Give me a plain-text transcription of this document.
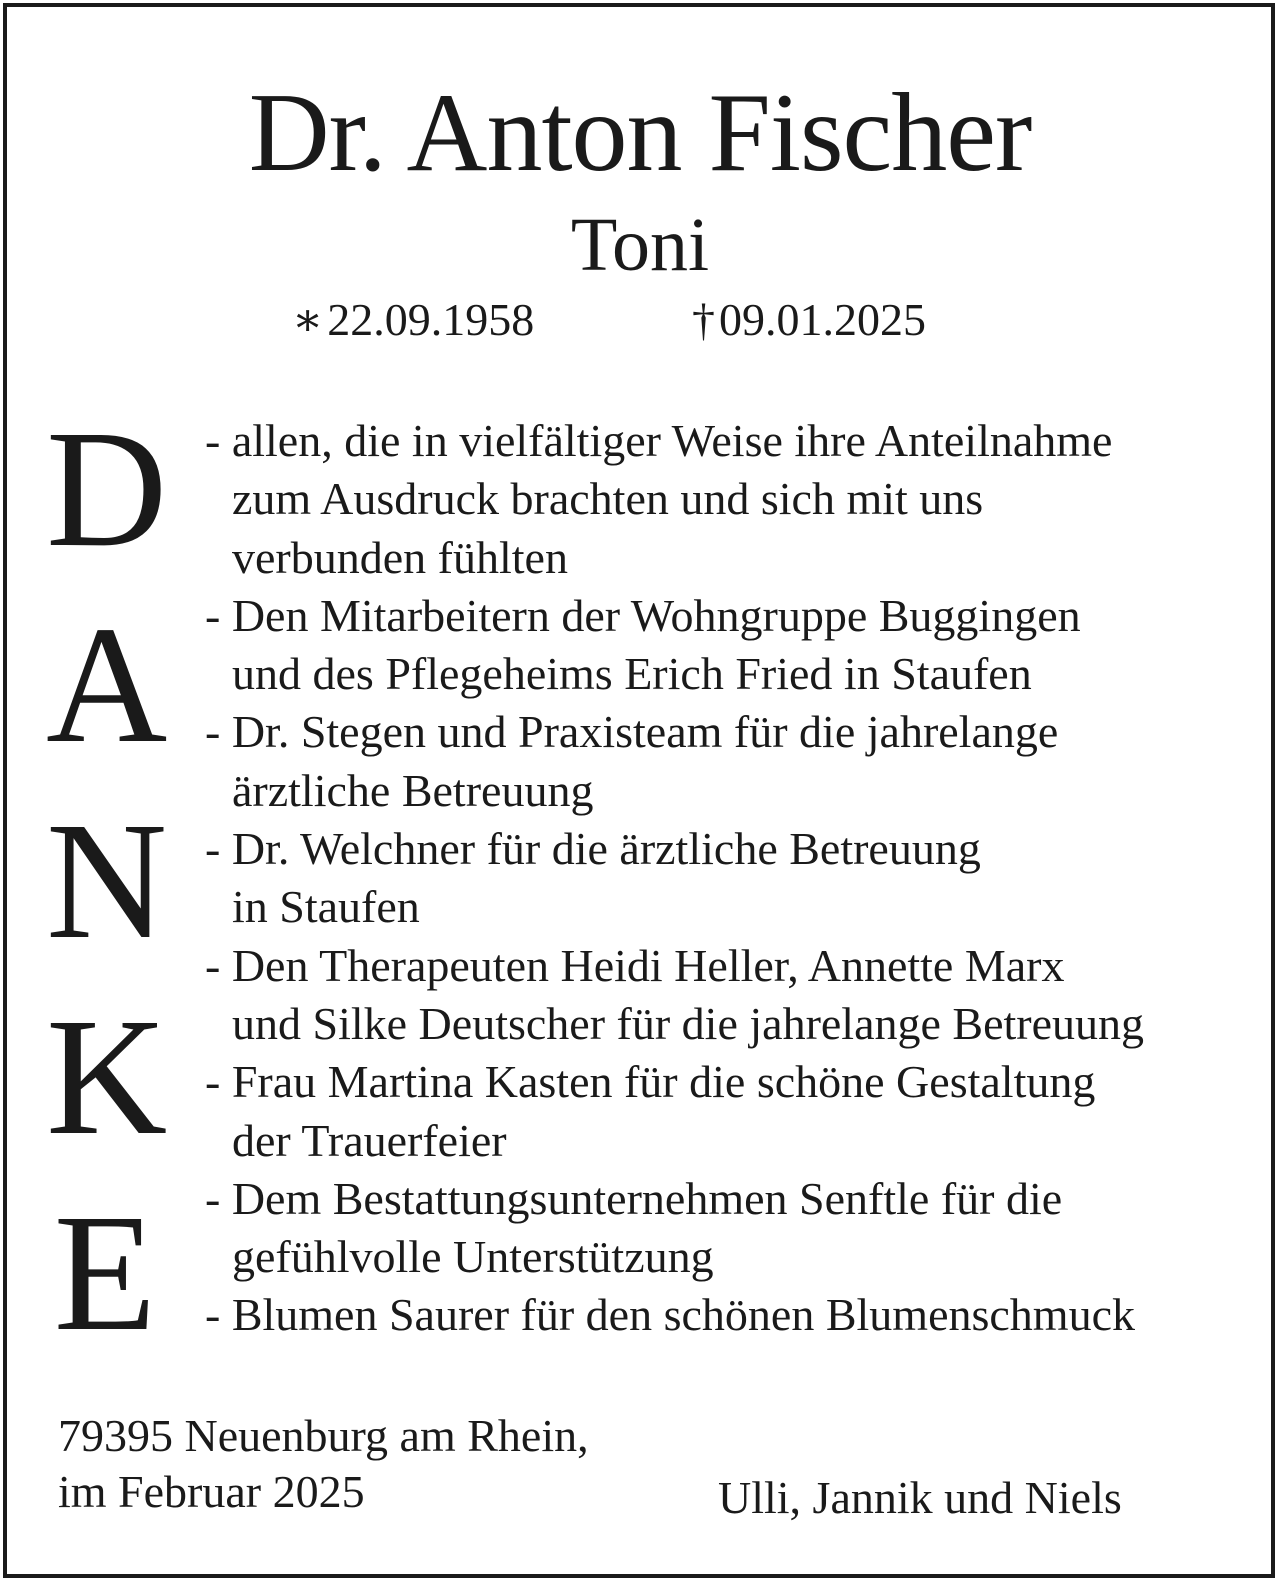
Dr. Anton Fischer
Toni
∗22.09.1958	†09.01.2025
D
A
N
K
E
- allen, die in vielfältiger Weise ihre Anteilnahme
zum Ausdruck brachten und sich mit uns
verbunden fühlten
- Den Mitarbeitern der Wohngruppe Buggingen
und des Pflegeheims Erich Fried in Staufen
- Dr. Stegen und Praxisteam für die jahrelange
ärztliche Betreuung
- Dr. Welchner für die ärztliche Betreuung
in Staufen
- Den Therapeuten Heidi Heller, Annette Marx
und Silke Deutscher für die jahrelange Betreuung
- Frau Martina Kasten für die schöne Gestaltung
der Trauerfeier
- Dem Bestattungsunternehmen Senftle für die
gefühlvolle Unterstützung
- Blumen Saurer für den schönen Blumenschmuck
79395 Neuenburg am Rhein,
im Februar 2025	Ulli, Jannik und Niels
